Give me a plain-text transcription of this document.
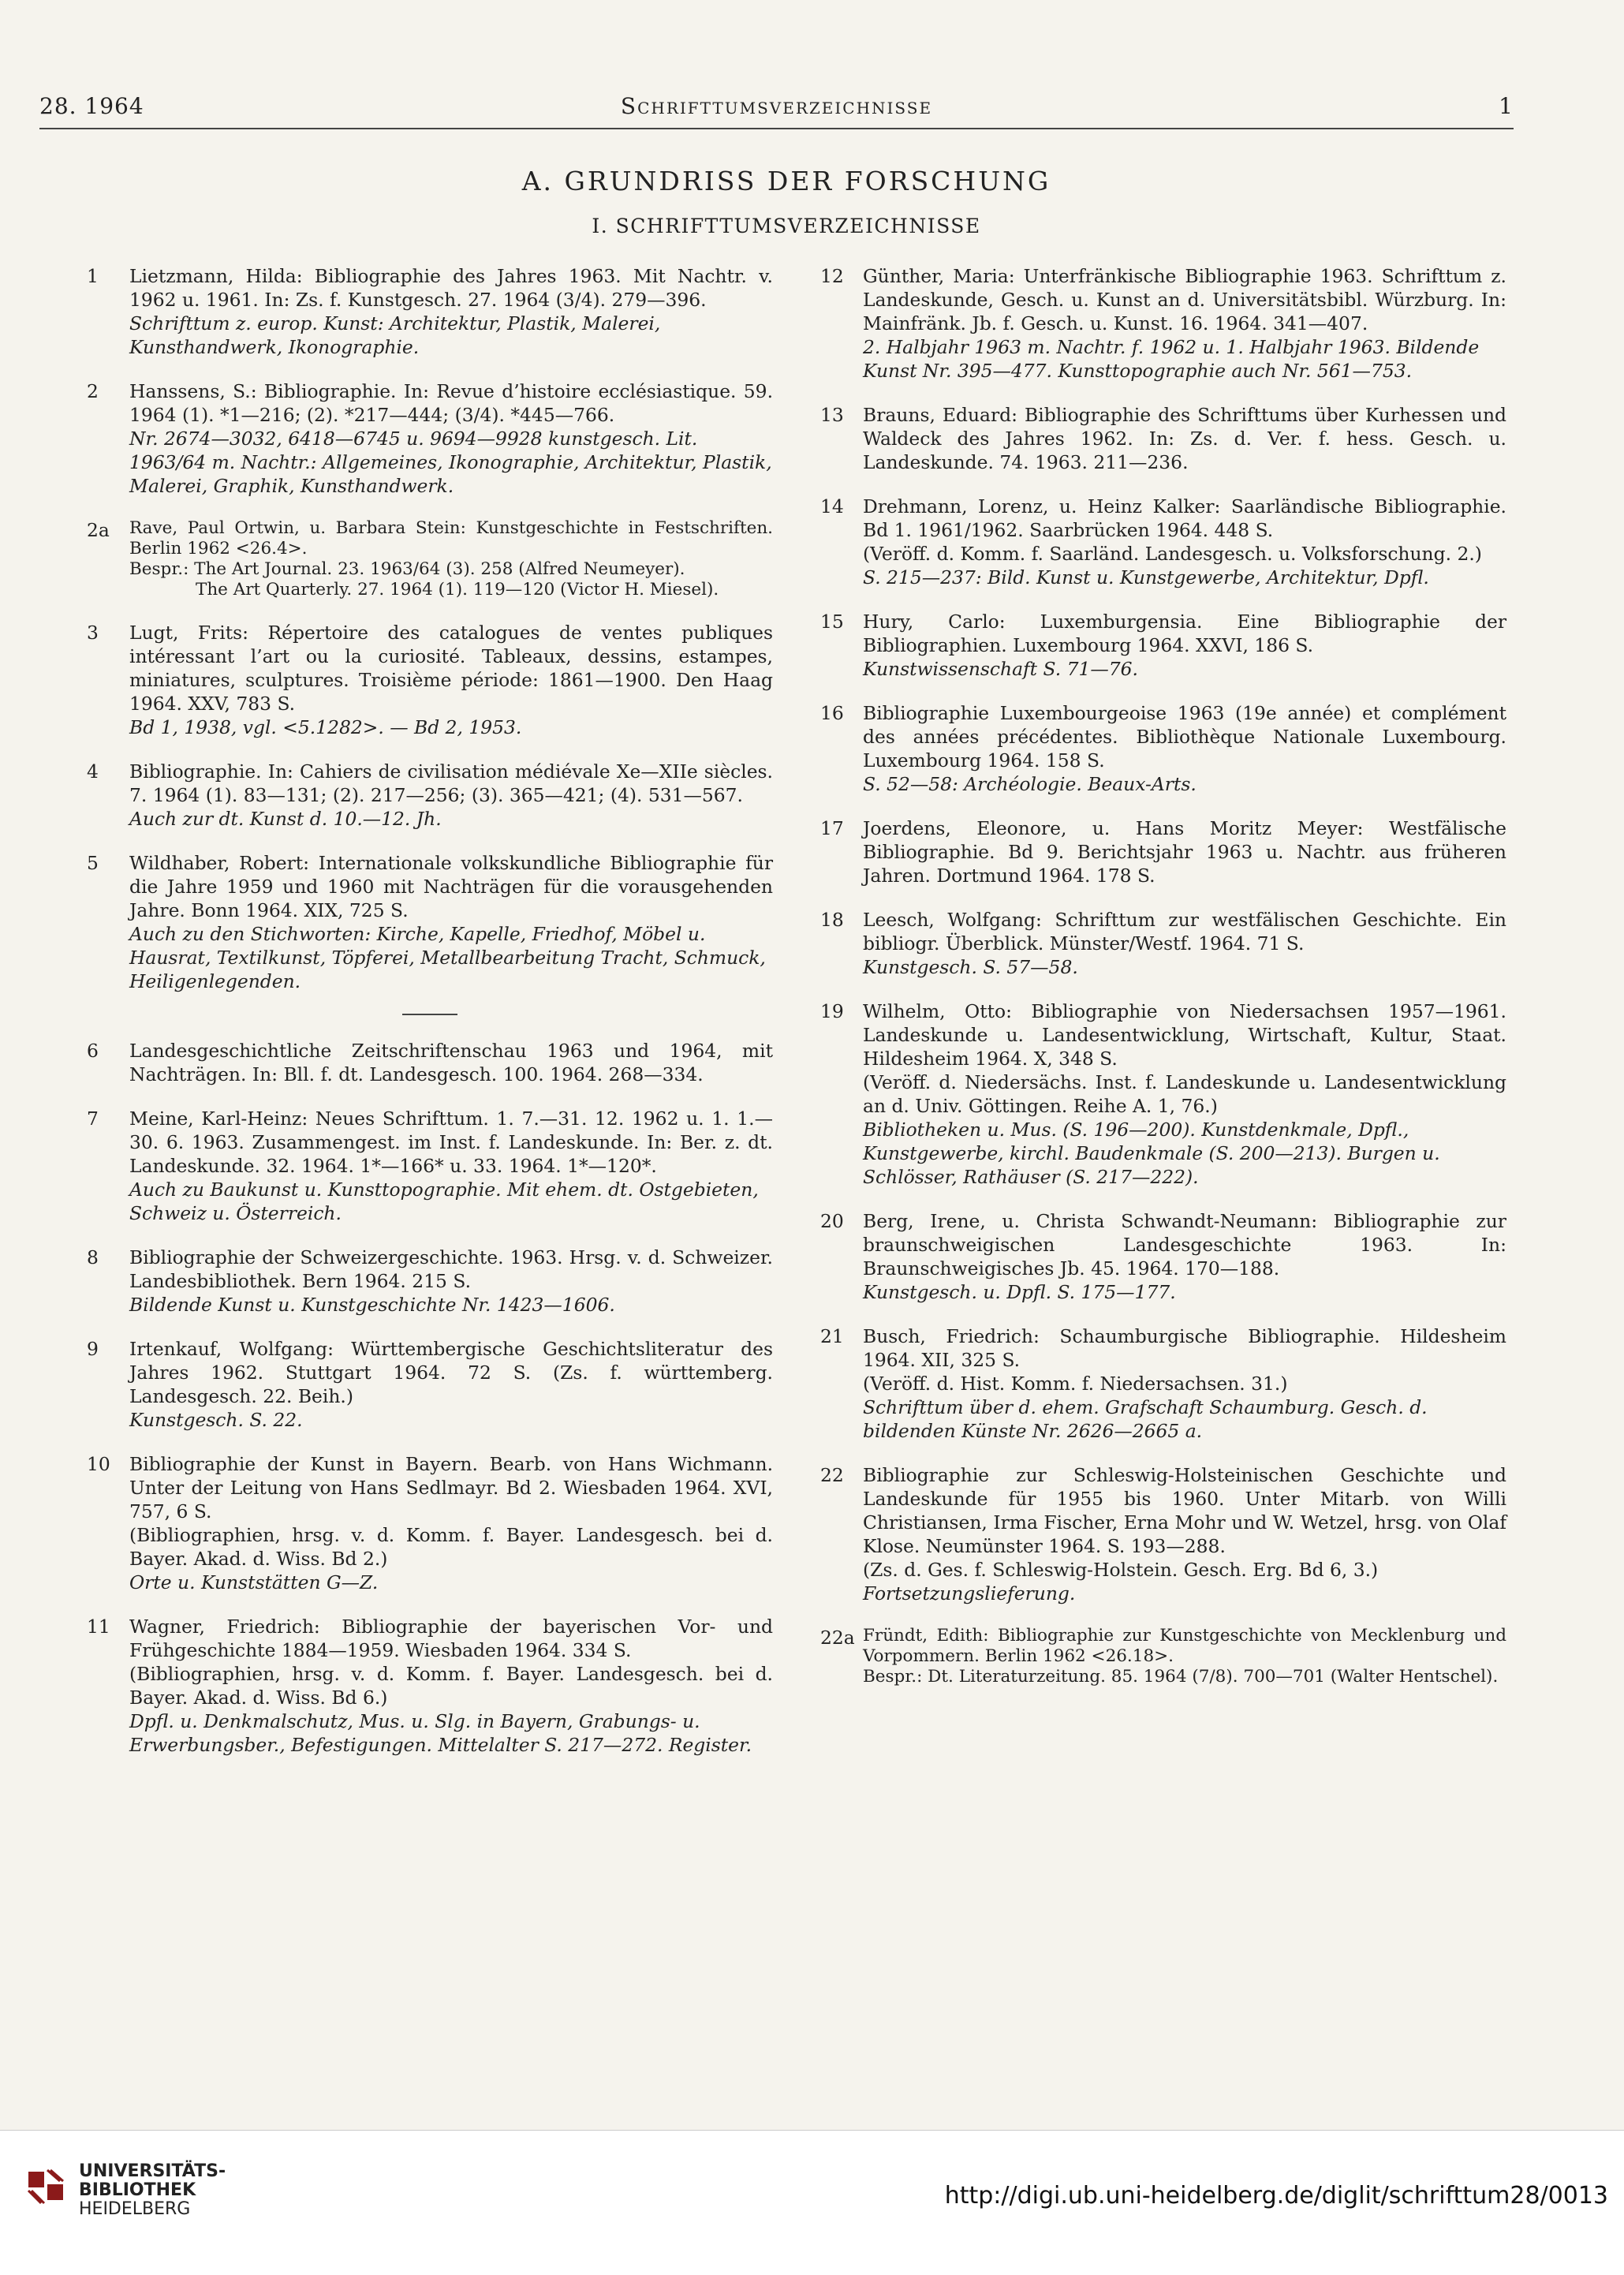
28. 1964	Schrifttumsverzeichnisse	1
A. GRUNDRISS DER FORSCHUNG
I. SCHRIFTTUMSVERZEICHNISSE
1 Lietzmann, Hilda: Bibliographie des Jahres 1963. Mit Nachtr. v. 1962 u. 1961. In: Zs. f. Kunstgesch. 27. 1964 (3/4). 279—396.
Schrifttum z. europ. Kunst: Architektur, Plastik, Malerei, Kunsthandwerk, Ikonographie.
2 Hanssens, S.: Bibliographie. In: Revue d’histoire ecclésiastique. 59. 1964 (1). *1—216; (2). *217—444; (3/4). *445—766.
Nr. 2674—3032, 6418—6745 u. 9694—9928 kunstgesch. Lit. 1963/64 m. Nachtr.: Allgemeines, Ikonographie, Architektur, Plastik, Malerei, Graphik, Kunsthandwerk.
2a Rave, Paul Ortwin, u. Barbara Stein: Kunstgeschichte in Festschriften. Berlin 1962 <26.4>.
Bespr.: The Art Journal. 23. 1963/64 (3). 258 (Alfred Neumeyer).
The Art Quarterly. 27. 1964 (1). 119—120 (Victor H. Miesel).
3 Lugt, Frits: Répertoire des catalogues de ventes publiques intéressant l’art ou la curiosité. Tableaux, dessins, estampes, miniatures, sculptures. Troisième période: 1861—1900. Den Haag 1964. XXV, 783 S.
Bd 1, 1938, vgl. <5.1282>. — Bd 2, 1953.
4 Bibliographie. In: Cahiers de civilisation médiévale Xe—XIIe siècles. 7. 1964 (1). 83—131; (2). 217—256; (3). 365—421; (4). 531—567.
Auch zur dt. Kunst d. 10.—12. Jh.
5 Wildhaber, Robert: Internationale volkskundliche Bibliographie für die Jahre 1959 und 1960 mit Nachträgen für die vorausgehenden Jahre. Bonn 1964. XIX, 725 S.
Auch zu den Stichworten: Kirche, Kapelle, Friedhof, Möbel u. Hausrat, Textilkunst, Töpferei, Metallbearbeitung Tracht, Schmuck, Heiligenlegenden.
6 Landesgeschichtliche Zeitschriftenschau 1963 und 1964, mit Nachträgen. In: Bll. f. dt. Landesgesch. 100. 1964. 268—334.
7 Meine, Karl-Heinz: Neues Schrifttum. 1. 7.—31. 12. 1962 u. 1. 1.—30. 6. 1963. Zusammengest. im Inst. f. Landeskunde. In: Ber. z. dt. Landeskunde. 32. 1964. 1*—166* u. 33. 1964. 1*—120*.
Auch zu Baukunst u. Kunsttopographie. Mit ehem. dt. Ostgebieten, Schweiz u. Österreich.
8 Bibliographie der Schweizergeschichte. 1963. Hrsg. v. d. Schweizer. Landesbibliothek. Bern 1964. 215 S.
Bildende Kunst u. Kunstgeschichte Nr. 1423—1606.
9 Irtenkauf, Wolfgang: Württembergische Geschichtsliteratur des Jahres 1962. Stuttgart 1964. 72 S. (Zs. f. württemberg. Landesgesch. 22. Beih.)
Kunstgesch. S. 22.
10 Bibliographie der Kunst in Bayern. Bearb. von Hans Wichmann. Unter der Leitung von Hans Sedlmayr. Bd 2. Wiesbaden 1964. XVI, 757, 6 S.
(Bibliographien, hrsg. v. d. Komm. f. Bayer. Landesgesch. bei d. Bayer. Akad. d. Wiss. Bd 2.)
Orte u. Kunststätten G—Z.
11 Wagner, Friedrich: Bibliographie der bayerischen Vor- und Frühgeschichte 1884—1959. Wiesbaden 1964. 334 S.
(Bibliographien, hrsg. v. d. Komm. f. Bayer. Landesgesch. bei d. Bayer. Akad. d. Wiss. Bd 6.)
Dpfl. u. Denkmalschutz, Mus. u. Slg. in Bayern, Grabungs- u. Erwerbungsber., Befestigungen. Mittelalter S. 217—272. Register.
12 Günther, Maria: Unterfränkische Bibliographie 1963. Schrifttum z. Landeskunde, Gesch. u. Kunst an d. Universitätsbibl. Würzburg. In: Mainfränk. Jb. f. Gesch. u. Kunst. 16. 1964. 341—407.
2. Halbjahr 1963 m. Nachtr. f. 1962 u. 1. Halbjahr 1963. Bildende Kunst Nr. 395—477. Kunsttopographie auch Nr. 561—753.
13 Brauns, Eduard: Bibliographie des Schrifttums über Kurhessen und Waldeck des Jahres 1962. In: Zs. d. Ver. f. hess. Gesch. u. Landeskunde. 74. 1963. 211—236.
14 Drehmann, Lorenz, u. Heinz Kalker: Saarländische Bibliographie. Bd 1. 1961/1962. Saarbrücken 1964. 448 S.
(Veröff. d. Komm. f. Saarländ. Landesgesch. u. Volksforschung. 2.)
S. 215—237: Bild. Kunst u. Kunstgewerbe, Architektur, Dpfl.
15 Hury, Carlo: Luxemburgensia. Eine Bibliographie der Bibliographien. Luxembourg 1964. XXVI, 186 S.
Kunstwissenschaft S. 71—76.
16 Bibliographie Luxembourgeoise 1963 (19e année) et complément des années précédentes. Bibliothèque Nationale Luxembourg. Luxembourg 1964. 158 S.
S. 52—58: Archéologie. Beaux-Arts.
17 Joerdens, Eleonore, u. Hans Moritz Meyer: Westfälische Bibliographie. Bd 9. Berichtsjahr 1963 u. Nachtr. aus früheren Jahren. Dortmund 1964. 178 S.
18 Leesch, Wolfgang: Schrifttum zur westfälischen Geschichte. Ein bibliogr. Überblick. Münster/Westf. 1964. 71 S.
Kunstgesch. S. 57—58.
19 Wilhelm, Otto: Bibliographie von Niedersachsen 1957—1961. Landeskunde u. Landesentwicklung, Wirtschaft, Kultur, Staat. Hildesheim 1964. X, 348 S.
(Veröff. d. Niedersächs. Inst. f. Landeskunde u. Landesentwicklung an d. Univ. Göttingen. Reihe A. 1, 76.)
Bibliotheken u. Mus. (S. 196—200). Kunstdenkmale, Dpfl., Kunstgewerbe, kirchl. Baudenkmale (S. 200—213). Burgen u. Schlösser, Rathäuser (S. 217—222).
20 Berg, Irene, u. Christa Schwandt-Neumann: Bibliographie zur braunschweigischen Landesgeschichte 1963. In: Braunschweigisches Jb. 45. 1964. 170—188.
Kunstgesch. u. Dpfl. S. 175—177.
21 Busch, Friedrich: Schaumburgische Bibliographie. Hildesheim 1964. XII, 325 S.
(Veröff. d. Hist. Komm. f. Niedersachsen. 31.)
Schrifttum über d. ehem. Grafschaft Schaumburg. Gesch. d. bildenden Künste Nr. 2626—2665 a.
22 Bibliographie zur Schleswig-Holsteinischen Geschichte und Landeskunde für 1955 bis 1960. Unter Mitarb. von Willi Christiansen, Irma Fischer, Erna Mohr und W. Wetzel, hrsg. von Olaf Klose. Neumünster 1964. S. 193—288.
(Zs. d. Ges. f. Schleswig-Holstein. Gesch. Erg. Bd 6, 3.)
Fortsetzungslieferung.
22a Fründt, Edith: Bibliographie zur Kunstgeschichte von Mecklenburg und Vorpommern. Berlin 1962 <26.18>.
Bespr.: Dt. Literaturzeitung. 85. 1964 (7/8). 700—701 (Walter Hentschel).
UNIVERSITÄTS-
BIBLIOTHEK
HEIDELBERG	http://digi.ub.uni-heidelberg.de/diglit/schrifttum28/0013
